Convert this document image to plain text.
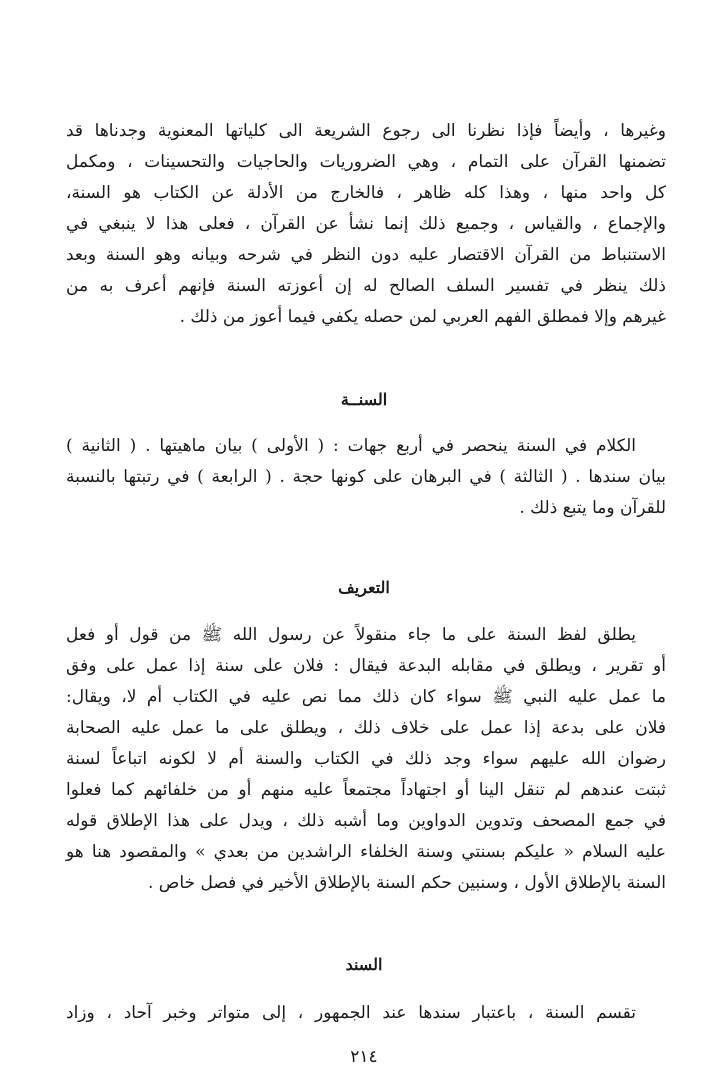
وغيرها ، وأيضاً فإذا نظرنا الى رجوع الشريعة الى كلياتها المعنوية وجدناها قد
تضمنها القرآن على التمام ، وهي الضروريات والحاجيات والتحسينات ، ومكمل
كل واحد منها ، وهذا كله ظاهر ، فالخارج من الأدلة عن الكتاب هو السنة،
والإجماع ، والقياس ، وجميع ذلك إنما نشأ عن القرآن ، فعلى هذا لا ينبغي في
الاستنباط من القرآن الاقتصار عليه دون النظر في شرحه وبيانه وهو السنة وبعد
ذلك ينظر في تفسير السلف الصالح له إن أعوزته السنة فإنهم أعرف به من
غيرهم وإلا فمطلق الفهم العربي لمن حصله يكفي فيما أعوز من ذلك .
السنــة
الكلام في السنة ينحصر في أربع جهات : ( الأولى ) بيان ماهيتها . ( الثانية )
بيان سندها . ( الثالثة ) في البرهان على كونها حجة . ( الرابعة ) في رتبتها بالنسبة
للقرآن وما يتبع ذلك .
التعريف
يطلق لفظ السنة على ما جاء منقولاً عن رسول الله ﷺ من قول أو فعل
أو تقرير ، ويطلق في مقابله البدعة فيقال : فلان على سنة إذا عمل على وفق
ما عمل عليه النبي ﷺ سواء كان ذلك مما نص عليه في الكتاب أم لا، ويقال:
فلان على بدعة إذا عمل على خلاف ذلك ، ويطلق على ما عمل عليه الصحابة
رضوان الله عليهم سواء وجد ذلك في الكتاب والسنة أم لا لكونه اتباعاً لسنة
ثبتت عندهم لم تنقل الينا أو اجتهاداً مجتمعاً عليه منهم أو من خلفائهم كما فعلوا
في جمع المصحف وتدوين الدواوين وما أشبه ذلك ، ويدل على هذا الإطلاق قوله
عليه السلام « عليكم بسنتي وسنة الخلفاء الراشدين من بعدي » والمقصود هنا هو
السنة بالإطلاق الأول ، وسنبين حكم السنة بالإطلاق الأخير في فصل خاص .
السند
تقسم السنة ، باعتبار سندها عند الجمهور ، إلى متواتر وخبر آحاد ، وزاد
٢١٤
